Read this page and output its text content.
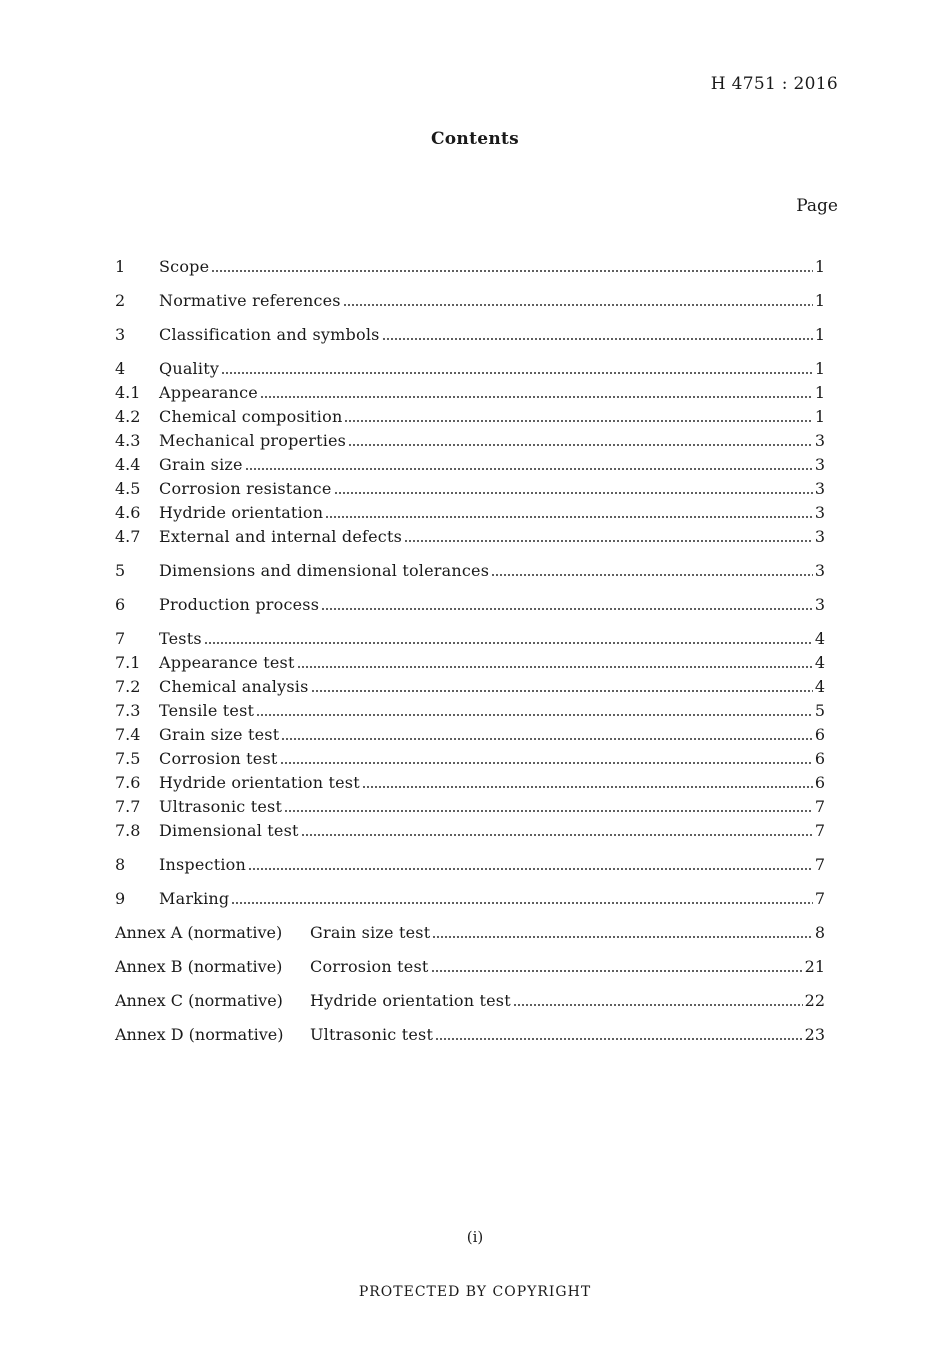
H 4751 : 2016
Contents
Page
1	Scope	1
2	Normative references	1
3	Classification and symbols	1
4	Quality	1
4.1	Appearance	1
4.2	Chemical composition	1
4.3	Mechanical properties	3
4.4	Grain size	3
4.5	Corrosion resistance	3
4.6	Hydride orientation	3
4.7	External and internal defects	3
5	Dimensions and dimensional tolerances	3
6	Production process	3
7	Tests	4
7.1	Appearance test	4
7.2	Chemical analysis	4
7.3	Tensile test	5
7.4	Grain size test	6
7.5	Corrosion test	6
7.6	Hydride orientation test	6
7.7	Ultrasonic test	7
7.8	Dimensional test	7
8	Inspection	7
9	Marking	7
Annex A (normative)	Grain size test	8
Annex B (normative)	Corrosion test	21
Annex C (normative)	Hydride orientation test	22
Annex D (normative)	Ultrasonic test	23
(i)
PROTECTED BY COPYRIGHT
